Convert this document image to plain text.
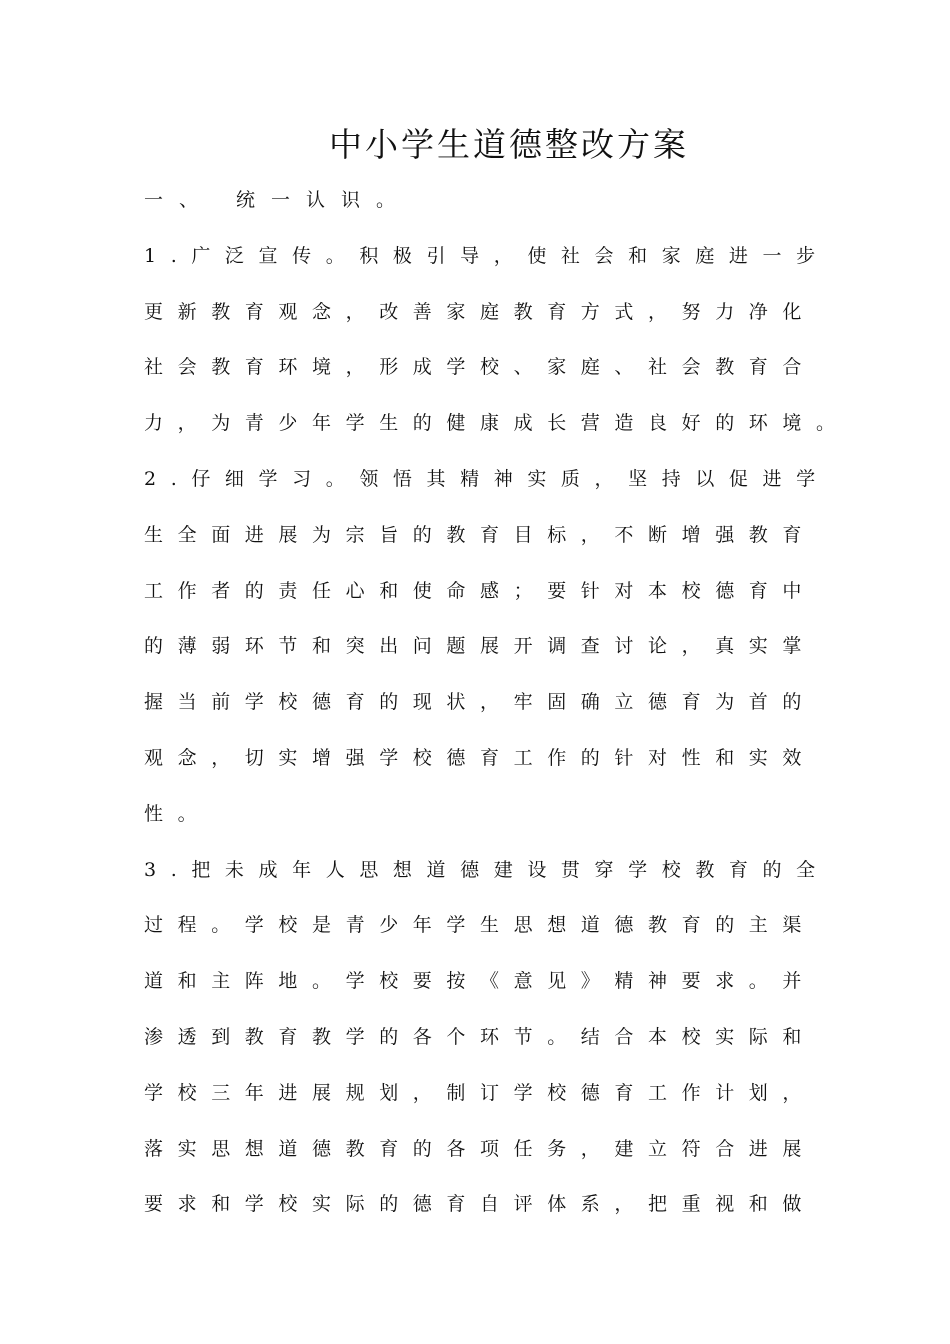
中小学生道德整改方案

一、 统一认识。

1.广泛宣传。积极引导，使社会和家庭进一步

更新教育观念，改善家庭教育方式，努力净化

社会教育环境，形成学校、家庭、社会教育合

力，为青少年学生的健康成长营造良好的环境。

2.仔细学习。领悟其精神实质，坚持以促进学

生全面进展为宗旨的教育目标，不断增强教育

工作者的责任心和使命感；要针对本校德育中

的薄弱环节和突出问题展开调查讨论，真实掌

握当前学校德育的现状，牢固确立德育为首的

观念，切实增强学校德育工作的针对性和实效

性。

3.把未成年人思想道德建设贯穿学校教育的全

过程。学校是青少年学生思想道德教育的主渠

道和主阵地。学校要按《意见》精神要求。并

渗透到教育教学的各个环节。结合本校实际和

学校三年进展规划，制订学校德育工作计划，

落实思想道德教育的各项任务，建立符合进展

要求和学校实际的德育自评体系，把重视和做
